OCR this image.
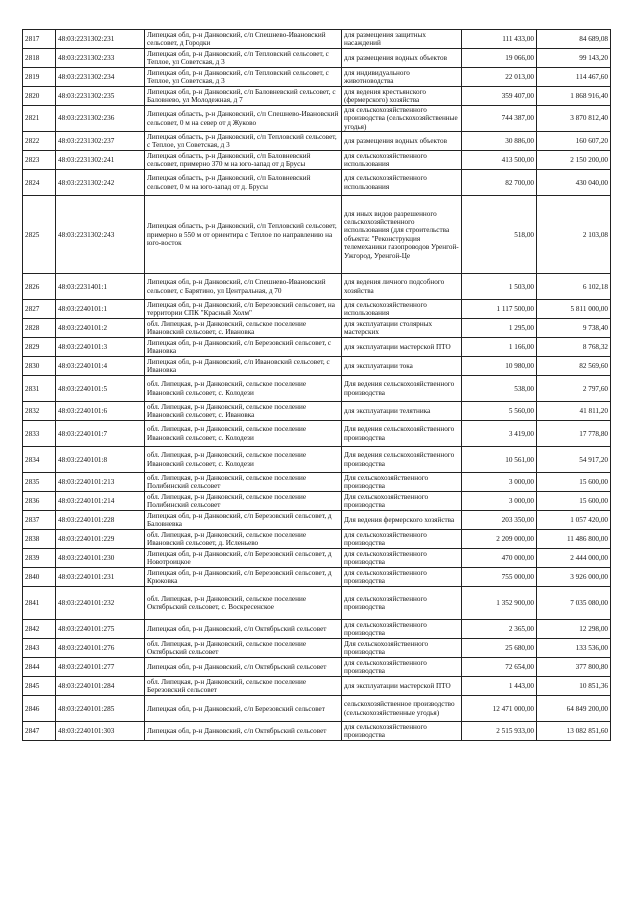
2817	48:03:2231302:231	Липецкая обл, р-н Данковский, с/п Спешнево-Ивановский сельсовет, д Городки	для размещения защитных насаждений	111 433,00	84 689,08
2818	48:03:2231302:233	Липецкая обл, р-н Данковский, с/п Тепловский сельсовет, с Теплое, ул Советская, д 3	для размещения водных объектов	19 066,00	99 143,20
2819	48:03:2231302:234	Липецкая обл, р-н Данковский, с/п Тепловский сельсовет, с Теплое, ул Советская, д 3	для индивидуального животноводства	22 013,00	114 467,60
2820	48:03:2231302:235	Липецкая обл, р-н Данковский, с/п Баловневский сельсовет, с Баловнево, ул Молодежная, д 7	для ведения крестьянского (фермерского) хозяйства	359 407,00	1 868 916,40
2821	48:03:2231302:236	Липецкая область, р-н Данковский, с/п Спешнево-Ивановский сельсовет, 0 м на север от д Жуково	для сельскохозяйственного производства (сельскохозяйственные угодья)	744 387,00	3 870 812,40
2822	48:03:2231302:237	Липецкая область, р-н Данковский, с/п Тепловский сельсовет, с Теплое, ул Советская, д 3	для размещения водных объектов	30 886,00	160 607,20
2823	48:03:2231302:241	Липецкая область, р-н Данковский, с/п Баловневский сельсовет, примерно 370 м на юго-запад от д Брусы	для сельскохозяйственного использования	413 500,00	2 150 200,00
2824	48:03:2231302:242	Липецкая область, р-н Данковский, с/п Баловневский сельсовет, 0 м на юго-запад от д. Брусы	для сельскохозяйственного использования	82 700,00	430 040,00
2825	48:03:2231302:243	Липецкая область, р-н Данковский, с/п Тепловский сельсовет, примерно в 550 м от ориентира с Теплое по направлению на юго-восток	для иных видов разрешенного сельскохозяйственного использования (для строительства объекта: "Реконструкция телемеханики газопроводов Уренгой-Ужгород, Уренгой-Це	518,00	2 103,08
2826	48:03:2231401:1	Липецкая обл, р-н Данковский, с/п Спешнево-Ивановский сельсовет, с Барятино, ул Центральная, д 70	для ведения личного подсобного хозяйства	1 503,00	6 102,18
2827	48:03:2240101:1	Липецкая обл, р-н Данковский, с/п Березовский сельсовет, на территории СПК "Красный Холм"	для сельскохозяйственного использования	1 117 500,00	5 811 000,00
2828	48:03:2240101:2	обл. Липецкая, р-н Данковский, сельское поселение Ивановский сельсовет, с. Ивановка	для эксплуатации столярных мастерских	1 295,00	9 738,40
2829	48:03:2240101:3	Липецкая обл, р-н Данковский, с/п Березовский сельсовет, с Ивановка	для эксплуатации мастерской ПТО	1 166,00	8 768,32
2830	48:03:2240101:4	Липецкая обл, р-н Данковский, с/п Ивановский сельсовет, с Ивановка	для эксплуатации тока	10 980,00	82 569,60
2831	48:03:2240101:5	обл. Липецкая, р-н Данковский, сельское поселение Ивановский сельсовет, с. Колодези	Для ведения сельскохозяйственного производства	538,00	2 797,60
2832	48:03:2240101:6	обл. Липецкая, р-н Данковский, сельское поселение Ивановский сельсовет, с. Ивановка	для эксплуатации телятника	5 560,00	41 811,20
2833	48:03:2240101:7	обл. Липецкая, р-н Данковский, сельское поселение Ивановский сельсовет, с. Колодези	Для ведения сельскохозяйственного производства	3 419,00	17 778,80
2834	48:03:2240101:8	обл. Липецкая, р-н Данковский, сельское поселение Ивановский сельсовет, с. Колодези	Для ведения сельскохозяйственного производства	10 561,00	54 917,20
2835	48:03:2240101:213	обл. Липецкая, р-н Данковский, сельское поселение Полибинский сельсовет	Для сельскохозяйственного производства	3 000,00	15 600,00
2836	48:03:2240101:214	обл. Липецкая, р-н Данковский, сельское поселение Полибинский сельсовет	Для сельскохозяйственного производства	3 000,00	15 600,00
2837	48:03:2240101:228	Липецкая обл, р-н Данковский, с/п Березовский сельсовет, д Баловневка	Для ведения фермерского хозяйства	203 350,00	1 057 420,00
2838	48:03:2240101:229	обл. Липецкая, р-н Данковский, сельское поселение Ивановский сельсовет, д. Исленьево	для сельскохозяйственного производства	2 209 000,00	11 486 800,00
2839	48:03:2240101:230	Липецкая обл, р-н Данковский, с/п Березовский сельсовет, д Новотроицкое	для сельскохозяйственного производства	470 000,00	2 444 000,00
2840	48:03:2240101:231	Липецкая обл, р-н Данковский, с/п Березовский сельсовет, д Крюковка	для сельскохозяйственного производства	755 000,00	3 926 000,00
2841	48:03:2240101:232	обл. Липецкая, р-н Данковский, сельское поселение Октябрьский сельсовет, с. Воскресенское	для сельскохозяйственного производства	1 352 900,00	7 035 080,00
2842	48:03:2240101:275	Липецкая обл, р-н Данковский, с/п Октябрьский сельсовет	для сельскохозяйственного производства	2 365,00	12 298,00
2843	48:03:2240101:276	обл. Липецкая, р-н Данковский, сельское поселение Октябрьский сельсовет	Для сельскохозяйственного производства	25 680,00	133 536,00
2844	48:03:2240101:277	Липецкая обл, р-н Данковский, с/п Октябрьский сельсовет	для сельскохозяйственного производства	72 654,00	377 800,80
2845	48:03:2240101:284	обл. Липецкая, р-н Данковский, сельское поселение Березовский сельсовет	для эксплуатации мастерской ПТО	1 443,00	10 851,36
2846	48:03:2240101:285	Липецкая обл, р-н Данковский, с/п Березовский сельсовет	сельскохозяйственное производство (сельскохозяйственные угодья)	12 471 000,00	64 849 200,00
2847	48:03:2240101:303	Липецкая обл, р-н Данковский, с/п Октябрьский сельсовет	для сельскохозяйственного производства	2 515 933,00	13 082 851,60
